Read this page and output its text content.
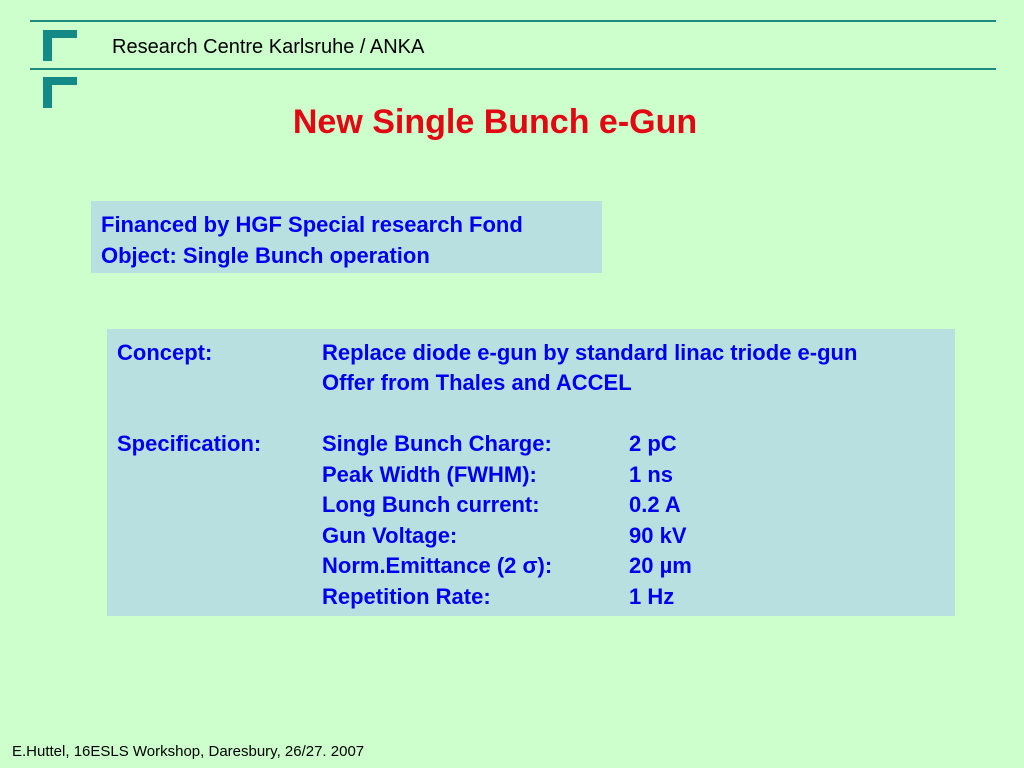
Research Centre Karlsruhe / ANKA
New Single Bunch e-Gun
Financed by HGF Special research Fond
Object: Single Bunch operation
Concept:	Replace diode e-gun by standard linac triode e-gun
Offer from Thales and ACCEL
Specification:	Single Bunch Charge:	2 pC
Peak Width (FWHM):	1 ns
Long Bunch current:	0.2 A
Gun Voltage:	90 kV
Norm.Emittance (2 σ):	20 µm
Repetition Rate:	1 Hz
E.Huttel, 16ESLS Workshop, Daresbury, 26/27. 2007
